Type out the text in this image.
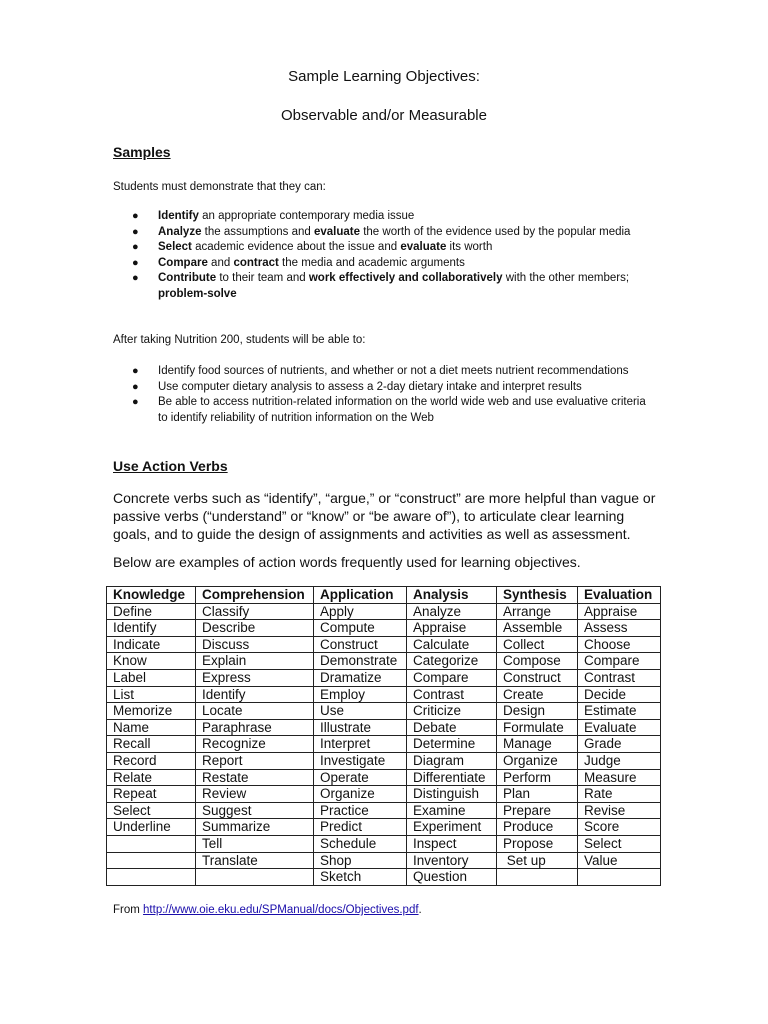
Sample Learning Objectives:
Observable and/or Measurable
Samples
Students must demonstrate that they can:
● Identify an appropriate contemporary media issue
● Analyze the assumptions and evaluate the worth of the evidence used by the popular media
● Select academic evidence about the issue and evaluate its worth
● Compare and contract the media and academic arguments
● Contribute to their team and work effectively and collaboratively with the other members; problem-solve
After taking Nutrition 200, students will be able to:
● Identify food sources of nutrients, and whether or not a diet meets nutrient recommendations
● Use computer dietary analysis to assess a 2-day dietary intake and interpret results
● Be able to access nutrition-related information on the world wide web and use evaluative criteria to identify reliability of nutrition information on the Web
Use Action Verbs
Concrete verbs such as “identify”, “argue,” or “construct” are more helpful than vague or passive verbs (“understand” or “know” or “be aware of”), to articulate clear learning goals, and to guide the design of assignments and activities as well as assessment.
Below are examples of action words frequently used for learning objectives.
Knowledge	Comprehension	Application	Analysis	Synthesis	Evaluation
Define	Classify	Apply	Analyze	Arrange	Appraise
Identify	Describe	Compute	Appraise	Assemble	Assess
Indicate	Discuss	Construct	Calculate	Collect	Choose
Know	Explain	Demonstrate	Categorize	Compose	Compare
Label	Express	Dramatize	Compare	Construct	Contrast
List	Identify	Employ	Contrast	Create	Decide
Memorize	Locate	Use	Criticize	Design	Estimate
Name	Paraphrase	Illustrate	Debate	Formulate	Evaluate
Recall	Recognize	Interpret	Determine	Manage	Grade
Record	Report	Investigate	Diagram	Organize	Judge
Relate	Restate	Operate	Differentiate	Perform	Measure
Repeat	Review	Organize	Distinguish	Plan	Rate
Select	Suggest	Practice	Examine	Prepare	Revise
Underline	Summarize	Predict	Experiment	Produce	Score
	Tell	Schedule	Inspect	Propose	Select
	Translate	Shop	Inventory	Set up	Value
		Sketch	Question		
From http://www.oie.eku.edu/SPManual/docs/Objectives.pdf.
